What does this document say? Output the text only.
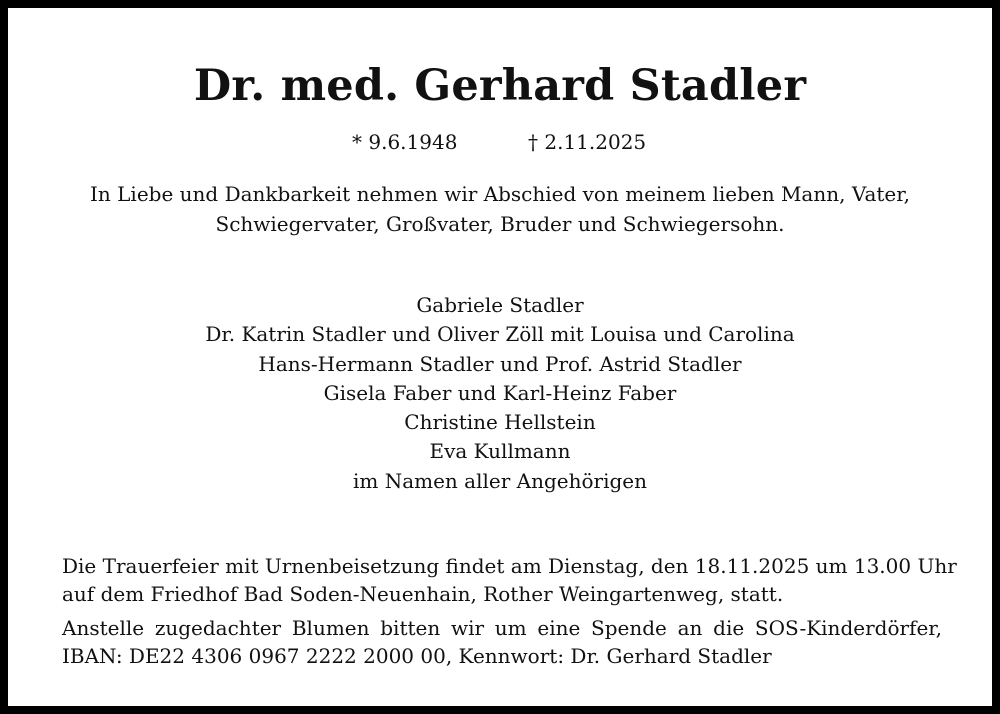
Dr. med. Gerhard Stadler
* 9.6.1948	† 2.11.2025
In Liebe und Dankbarkeit nehmen wir Abschied von meinem lieben Mann, Vater,
Schwiegervater, Großvater, Bruder und Schwiegersohn.
Gabriele Stadler
Dr. Katrin Stadler und Oliver Zöll mit Louisa und Carolina
Hans-Hermann Stadler und Prof. Astrid Stadler
Gisela Faber und Karl-Heinz Faber
Christine Hellstein
Eva Kullmann
im Namen aller Angehörigen
Die Trauerfeier mit Urnenbeisetzung findet am Dienstag, den 18.11.2025 um 13.00 Uhr
auf dem Friedhof Bad Soden-Neuenhain, Rother Weingartenweg, statt.
Anstelle zugedachter Blumen bitten wir um eine Spende an die SOS-Kinderdörfer,
IBAN: DE22 4306 0967 2222 2000 00, Kennwort: Dr. Gerhard Stadler
